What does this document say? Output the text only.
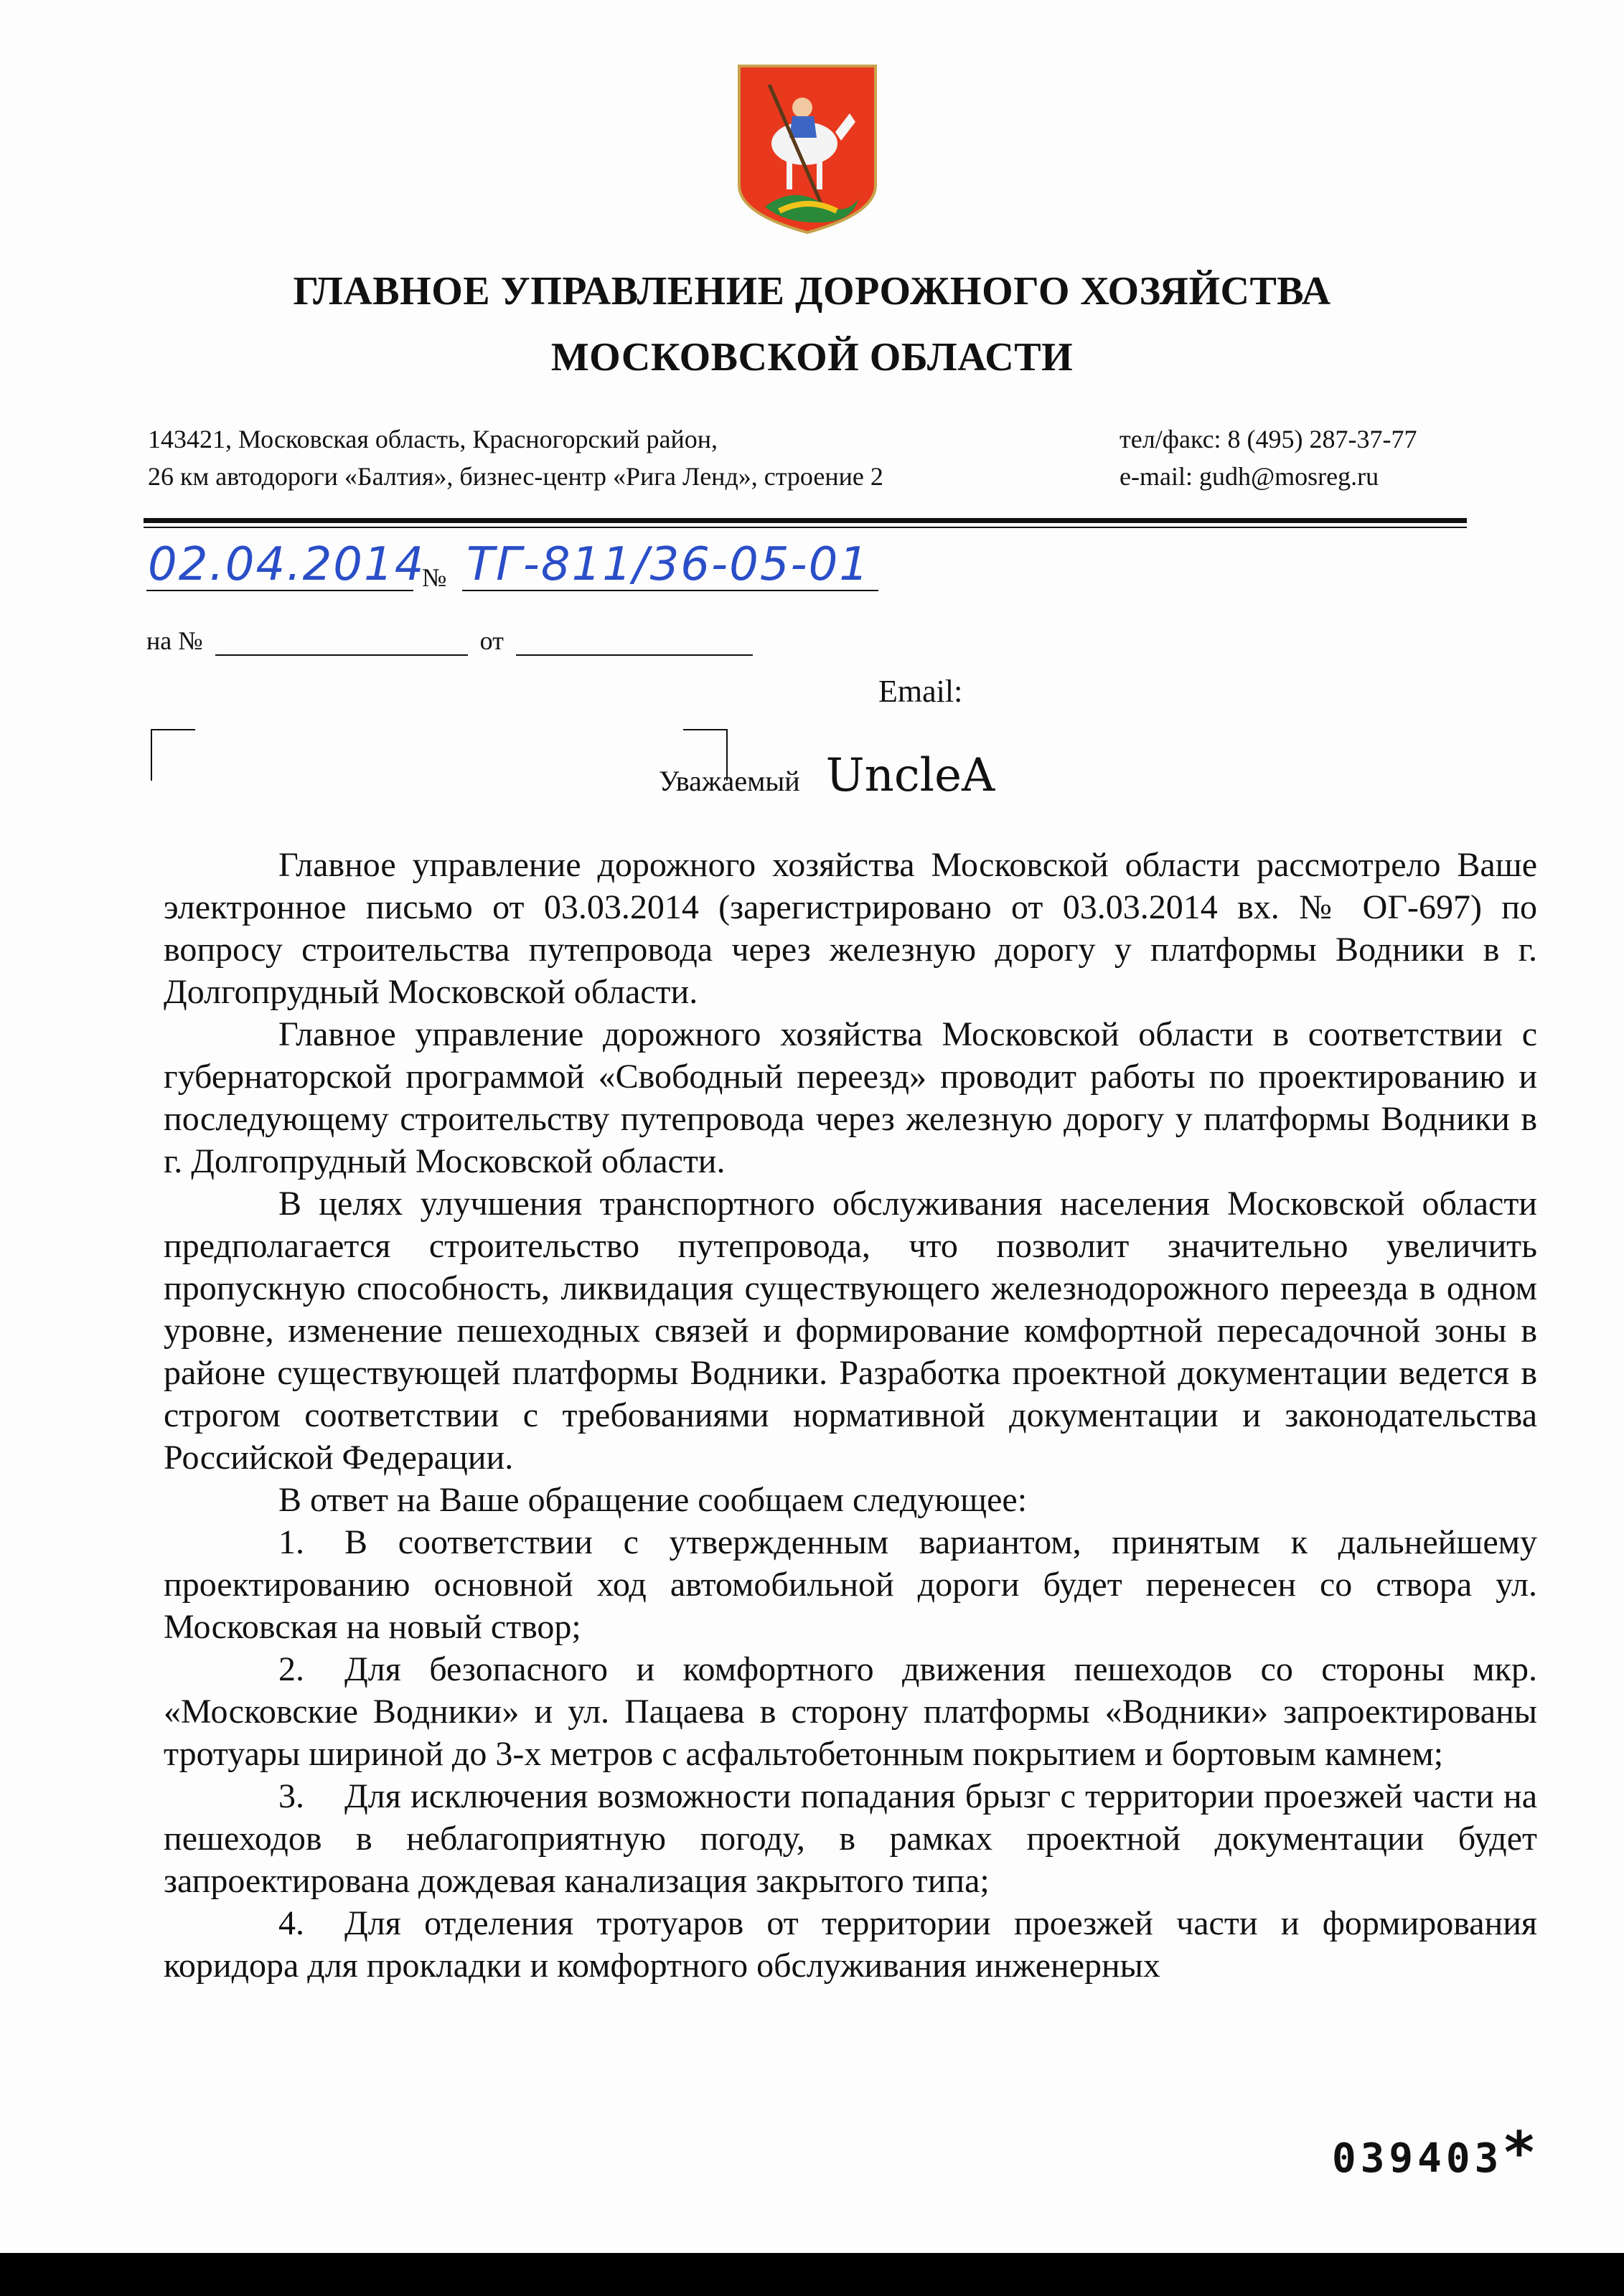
ГЛАВНОЕ УПРАВЛЕНИЕ ДОРОЖНОГО ХОЗЯЙСТВА
МОСКОВСКОЙ ОБЛАСТИ
143421, Московская область, Красногорский район,
26 км автодороги «Балтия», бизнес-центр «Рига Ленд», строение 2
тел/факс: 8 (495) 287-37-77
e-mail: gudh@mosreg.ru
02.04.2014
№ ТГ-811/36-05-01
на №	от
Email:
Уважаемый UncleA

Главное управление дорожного хозяйства Московской области рассмотрело Ваше электронное письмо от 03.03.2014 (зарегистрировано от 03.03.2014 вх. № ОГ-697) по вопросу строительства путепровода через железную дорогу у платформы Водники в г. Долгопрудный Московской области.

Главное управление дорожного хозяйства Московской области в соответствии с губернаторской программой «Свободный переезд» проводит работы по проектированию и последующему строительству путепровода через железную дорогу у платформы Водники в г. Долгопрудный Московской области.

В целях улучшения транспортного обслуживания населения Московской области предполагается строительство путепровода, что позволит значительно увеличить пропускную способность, ликвидация существующего железнодорожного переезда в одном уровне, изменение пешеходных связей и формирование комфортной пересадочной зоны в районе существующей платформы Водники. Разработка проектной документации ведется в строгом соответствии с требованиями нормативной документации и законодательства Российской Федерации.

В ответ на Ваше обращение сообщаем следующее:

1. В соответствии с утвержденным вариантом, принятым к дальнейшему проектированию основной ход автомобильной дороги будет перенесен со створа ул. Московская на новый створ;

2. Для безопасного и комфортного движения пешеходов со стороны мкр. «Московские Водники» и ул. Пацаева в сторону платформы «Водники» запроектированы тротуары шириной до 3-х метров с асфальтобетонным покрытием и бортовым камнем;

3. Для исключения возможности попадания брызг с территории проезжей части на пешеходов в неблагоприятную погоду, в рамках проектной документации будет запроектирована дождевая канализация закрытого типа;

4. Для отделения тротуаров от территории проезжей части и формирования коридора для прокладки и комфортного обслуживания инженерных

039403 *
